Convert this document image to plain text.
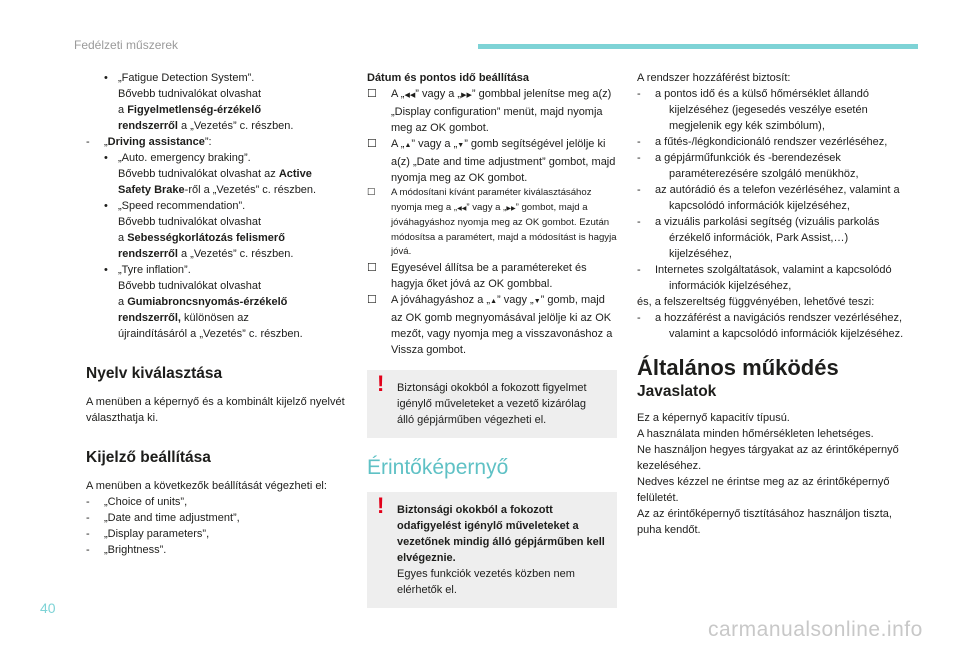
Fedélzeti műszerek
• „Fatigue Detection System”.
Bővebb tudnivalókat olvashat
a Figyelmetlenség-érzékelő
rendszerről a „Vezetés” c. részben.
- „Driving assistance”:
• „Auto. emergency braking”.
Bővebb tudnivalókat olvashat az Active
Safety Brake-ről a „Vezetés” c. részben.
• „Speed recommendation”.
Bővebb tudnivalókat olvashat
a Sebességkorlátozás felismerő
rendszerről a „Vezetés” c. részben.
• „Tyre inflation”.
Bővebb tudnivalókat olvashat
a Gumiabroncsnyomás-érzékelő
rendszerről, különösen az
újraindításáról a „Vezetés” c. részben.
Nyelv kiválasztása
A menüben a képernyő és a kombinált kijelző nyelvét választhatja ki.
Kijelző beállítása
A menüben a következők beállítását végezheti el:
- „Choice of units”,
- „Date and time adjustment”,
- „Display parameters”,
- „Brightness”.
Dátum és pontos idő beállítása
☐ A „◀◀” vagy a „▶▶” gombbal jelenítse meg a(z) „Display configuration” menüt, majd nyomja meg az OK gombot.
☐ A „▲” vagy a „▼” gomb segítségével jelölje ki a(z) „Date and time adjustment” gombot, majd nyomja meg az OK gombot.
☐ A módosítani kívánt paraméter kiválasztásához nyomja meg a „◀◀” vagy a „▶▶” gombot, majd a jóváhagyáshoz nyomja meg az OK gombot. Ezután módosítsa a paramétert, majd a módosítást is hagyja jóvá.
☐ Egyesével állítsa be a paramétereket és hagyja őket jóvá az OK gombbal.
☐ A jóváhagyáshoz a „▲” vagy „▼” gomb, majd az OK gomb megnyomásával jelölje ki az OK mezőt, vagy nyomja meg a visszavonáshoz a Vissza gombot.
! Biztonsági okokból a fokozott figyelmet igénylő műveleteket a vezető kizárólag álló gépjárműben végezheti el.
Érintőképernyő
! Biztonsági okokból a fokozott odafigyelést igénylő műveleteket a vezetőnek mindig álló gépjárműben kell elvégeznie.
Egyes funkciók vezetés közben nem elérhetők el.
A rendszer hozzáférést biztosít:
- a pontos idő és a külső hőmérséklet állandó kijelzéséhez (jegesedés veszélye esetén megjelenik egy kék szimbólum),
- a fűtés-/légkondicionáló rendszer vezérléséhez,
- a gépjárműfunkciók és -berendezések paraméterezésére szolgáló menükhöz,
- az autórádió és a telefon vezérléséhez, valamint a kapcsolódó információk kijelzéséhez,
- a vizuális parkolási segítség (vizuális parkolás érzékelő információk, Park Assist,…) kijelzéséhez,
- Internetes szolgáltatások, valamint a kapcsolódó információk kijelzéséhez,
és, a felszereltség függvényében, lehetővé teszi:
- a hozzáférést a navigációs rendszer vezérléséhez, valamint a kapcsolódó információk kijelzéséhez.
Általános működés
Javaslatok
Ez a képernyő kapacitív típusú.
A használata minden hőmérsékleten lehetséges.
Ne használjon hegyes tárgyakat az az érintőképernyő kezeléséhez.
Nedves kézzel ne érintse meg az az érintőképernyő felületét.
Az az érintőképernyő tisztításához használjon tiszta, puha kendőt.
40
carmanualsonline.info
